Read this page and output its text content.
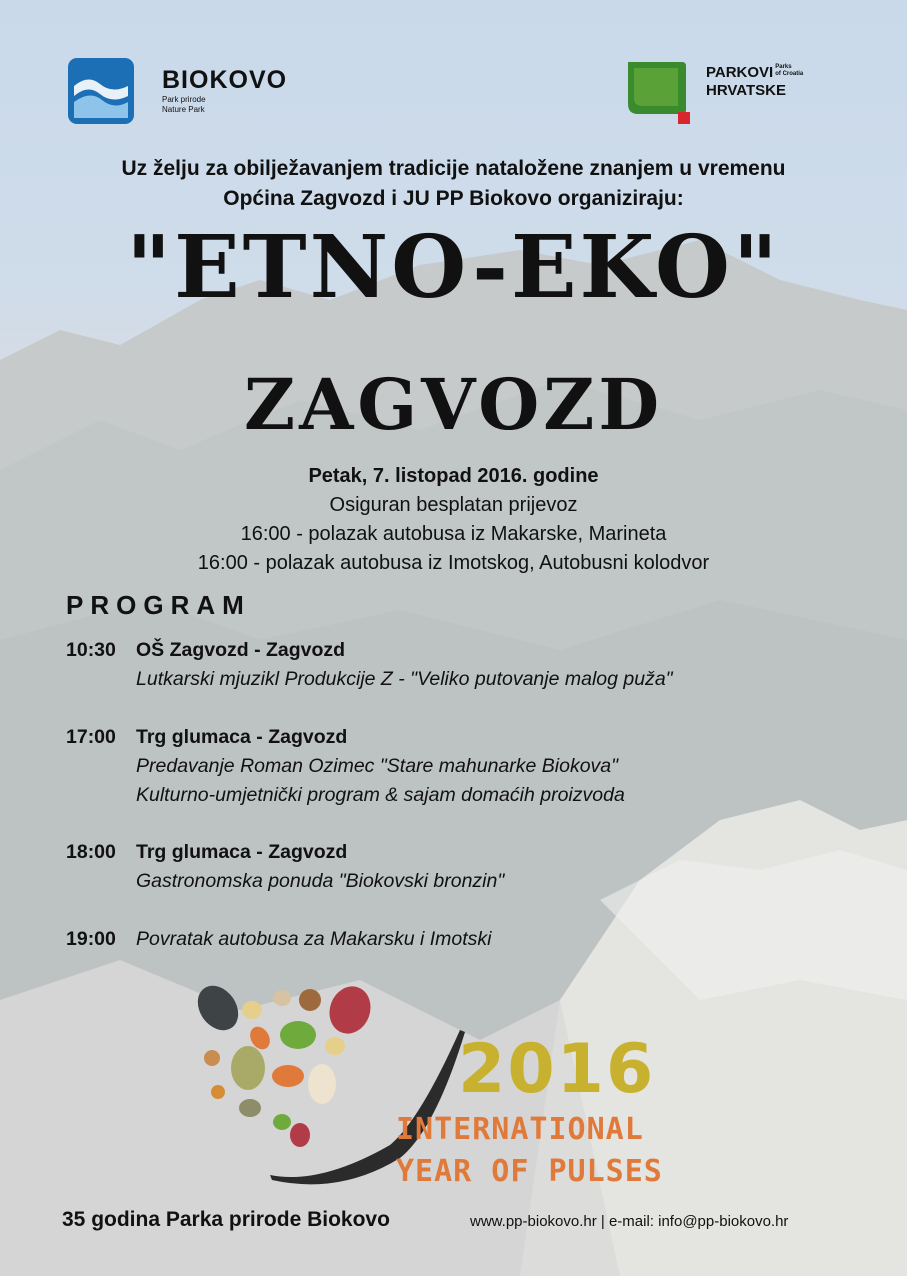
BIOKOVO
Park prirode
Nature Park
PARKOVI Parks
of Croatia
HRVATSKE
Uz želju za obilježavanjem tradicije nataložene znanjem u vremenu
Općina Zagvozd i JU PP Biokovo organiziraju:
"ETNO-EKO"
ZAGVOZD
Petak, 7. listopad 2016. godine
Osiguran besplatan prijevoz
16:00 - polazak autobusa iz Makarske, Marineta
16:00 - polazak autobusa iz Imotskog, Autobusni kolodvor
PROGRAM
10:30 OŠ Zagvozd - Zagvozd
Lutkarski mjuzikl Produkcije Z - "Veliko putovanje malog puža"
17:00 Trg glumaca - Zagvozd
Predavanje Roman Ozimec "Stare mahunarke Biokova"
Kulturno-umjetnički program & sajam domaćih proizvoda
18:00 Trg glumaca - Zagvozd
Gastronomska ponuda "Biokovski bronzin"
19:00 Povratak autobusa za Makarsku i Imotski
2016
INTERNATIONAL
YEAR OF PULSES
35 godina Parka prirode Biokovo	www.pp-biokovo.hr | e-mail: info@pp-biokovo.hr
